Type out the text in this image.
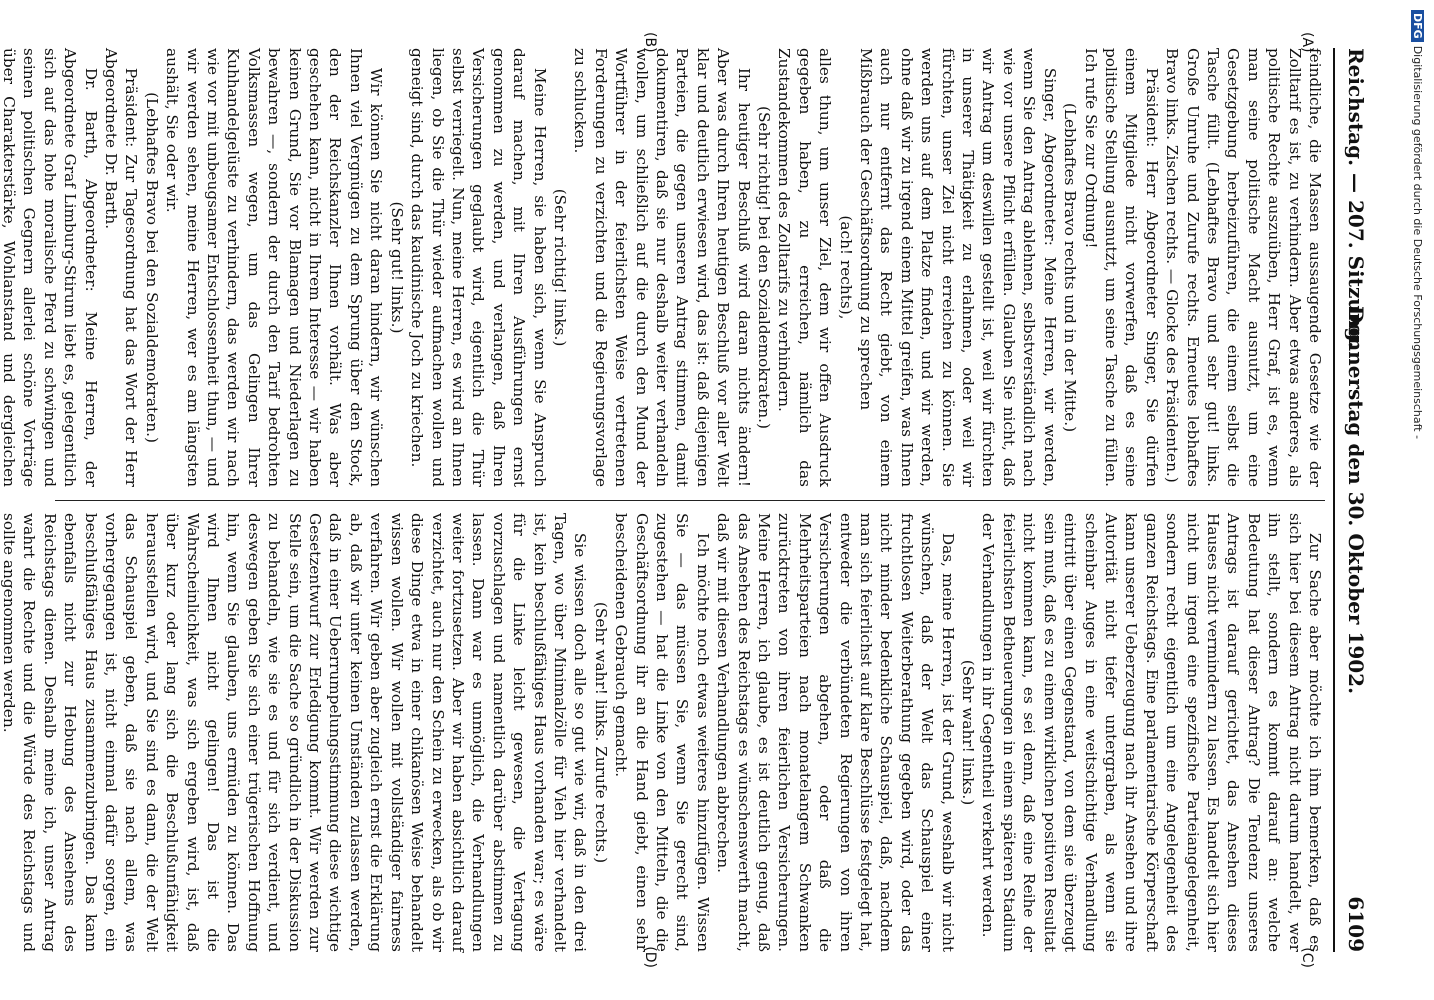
Reichstag. — 207. Sitzung.
Donnerstag den 30. Oktober 1902.
6109
(A)
(B)

feindliche, die Massen aussaugende Gesetze wie der Zolltarif es ist, zu verhindern. Aber etwas anderes, als politische Rechte auszuüben, Herr Graf, ist es, wenn man seine politische Macht ausnutzt, um eine Gesetzgebung herbeizuführen, die einem selbst die Tasche füllt. (Lebhaftes Bravo und sehr gut! links. Große Unruhe und Zurufe rechts. Erneutes lebhaftes Bravo links. Zischen rechts. — Glocke des Präsidenten.)

Präsident: Herr Abgeordneter Singer, Sie dürfen einem Mitgliede nicht vorwerfen, daß es seine politische Stellung ausnutzt, um seine Tasche zu füllen. Ich rufe Sie zur Ordnung!

(Lebhaftes Bravo rechts und in der Mitte.)

Singer, Abgeordneter: Meine Herren, wir werden, wenn Sie den Antrag ablehnen, selbstverständlich nach wie vor unsere Pflicht erfüllen. Glauben Sie nicht, daß wir Antrag um deswillen gestellt ist, weil wir fürchten in unserer Thätigkeit zu erlahmen, oder weil wir fürchten, unser Ziel nicht erreichen zu können. Sie werden uns auf dem Platze finden, und wir werden, ohne daß wir zu irgend einem Mittel greifen, was Ihnen auch nur entfernt das Recht giebt, von einem Mißbrauch der Geschäftsordnung zu sprechen

(ach! rechts),

alles thun, um unser Ziel, dem wir offen Ausdruck gegeben haben, zu erreichen, nämlich das Zustandekommen des Zolltarifs zu verhindern.

(Sehr richtig! bei den Sozialdemokraten.)

Ihr heutiger Beschluß wird daran nichts ändern! Aber was durch Ihren heutigen Beschluß vor aller Welt klar und deutlich erwiesen wird, das ist: daß diejenigen Parteien, die gegen unseren Antrag stimmen, damit dokumentiren, daß sie nur deshalb weiter verhandeln wollen, um schließlich auf die durch den Mund der Wortführer in der feierlichsten Weise vertretenen Forderungen zu verzichten und die Regierungsvorlage zu schlucken.

(Sehr richtig! links.)

Meine Herren, sie haben sich, wenn Sie Anspruch darauf machen, mit Ihren Ausführungen ernst genommen zu werden, und verlangen, daß Ihren Versicherungen geglaubt wird, eigentlich die Thür selbst verriegelt. Nun, meine Herren, es wird an Ihnen liegen, ob Sie die Thür wieder aufmachen wollen und geneigt sind, durch das kaudinische Joch zu kriechen.

(Sehr gut! links.)

Wir können Sie nicht daran hindern, wir wünschen Ihnen viel Vergnügen zu dem Sprung über den Stock, den der Reichskanzler Ihnen vorhält. Was aber geschehen kann, nicht in Ihrem Interesse — wir haben keinen Grund, Sie vor Blamagen und Niederlagen zu bewahren —, sondern der durch den Tarif bedrohten Volksmassen wegen, um das Gelingen Ihrer Kuhhandelgelüste zu verhindern, das werden wir nach wie vor mit unbeugsamer Entschlossenheit thun, — und wir werden sehen, meine Herren, wer es am längsten aushält, Sie oder wir.

(Lebhaftes Bravo bei den Sozialdemokraten.)

Präsident: Zur Tagesordnung hat das Wort der Herr Abgeordnete Dr. Barth.

Dr. Barth, Abgeordneter: Meine Herren, der Abgeordnete Graf Limburg-Stirum liebt es, gelegentlich sich auf das hohe moralische Pferd zu schwingen und seinen politischen Gegnern allerlei schöne Vorträge über Charakterstärke, Wohlanstand und dergleichen

(C)
(D)

Zur Sache aber möchte ich ihm bemerken, daß es sich hier bei diesem Antrag nicht darum handelt, wer ihn stellt, sondern es kommt darauf an: welche Bedeutung hat dieser Antrag? Die Tendenz unseres Antrags ist darauf gerichtet, das Ansehen dieses Hauses nicht vermindern zu lassen. Es handelt sich hier nicht um irgend eine spezifische Parteiangelegenheit, sondern recht eigentlich um eine Angelegenheit des ganzen Reichstags. Eine parlamentarische Körperschaft kann unserer Ueberzeugung nach ihr Ansehen und ihre Autorität nicht tiefer untergraben, als wenn sie scheinbar Auges in eine weitschichtige Verhandlung eintritt über einen Gegenstand, von dem sie überzeugt sein muß, daß es zu einem wirklichen positiven Resultat nicht kommen kann, es sei denn, daß eine Reihe der feierlichsten Betheuerungen in einem späteren Stadium der Verhandlungen in ihr Gegentheil verkehrt werden.

(Sehr wahr! links.)

Das, meine Herren, ist der Grund, weshalb wir nicht wünschen, daß der Welt das Schauspiel einer fruchtlosen Weiterberathung gegeben wird, oder das nicht minder bedenkliche Schauspiel, daß, nachdem man sich feierlichst auf klare Beschlüsse festgelegt hat, entweder die verbündeten Regierungen von ihren Versicherungen abgehen, oder daß die Mehrheitsparteien nach monatelangem Schwanken zurücktreten von ihren feierlichen Versicherungen. Meine Herren, ich glaube, es ist deutlich genug, daß das Ansehen des Reichstags es wünschenswerth macht, daß wir mit diesen Verhandlungen abbrechen.

Ich möchte noch etwas weiteres hinzufügen. Wissen Sie — das müssen Sie, wenn Sie gerecht sind, zugestehen — hat die Linke von den Mitteln, die die Geschäftsordnung ihr an die Hand giebt, einen sehr bescheidenen Gebrauch gemacht.

(Sehr wahr! links. Zurufe rechts.)

Sie wissen doch alle so gut wie wir, daß in den drei Tagen, wo über Minimalzölle für Vieh hier verhandelt ist, kein beschlußfähiges Haus vorhanden war; es wäre für die Linke leicht gewesen, die Vertagung vorzuschlagen und namentlich darüber abstimmen zu lassen. Dann war es unmöglich, die Verhandlungen weiter fortzusetzen. Aber wir haben absichtlich darauf verzichtet, auch nur den Schein zu erwecken, als ob wir diese Dinge etwa in einer chikanösen Weise behandelt wissen wollen. Wir wollen mit vollständiger fairness verfahren. Wir geben aber zugleich ernst die Erklärung ab, daß wir unter keinen Umständen zulassen werden, daß in einer Ueberrumpelungsstimmung diese wichtige Gesetzentwurf zur Erledigung kommt. Wir werden zur Stelle sein, um die Sache so gründlich in der Diskussion zu behandeln, wie sie es und für sich verdient, und deswegen geben Sie sich einer trügerischen Hoffnung hin, wenn Sie glauben, uns ermüden zu können. Das wird Ihnen nicht gelingen! Das ist die Wahrscheinlichkeit, was sich ergeben wird, ist, daß über kurz oder lang sich die Beschlußunfähigkeit herausstellen wird, und Sie sind es dann, die der Welt das Schauspiel geben, daß sie nach allem, was vorhergegangen ist, nicht einmal dafür sorgen, ein beschlußfähiges Haus zusammenzubringen. Das kann ebenfalls nicht zur Hebung des Ansehens des Reichstags dienen. Deshalb meine ich, unser Antrag wahrt die Rechte und die Würde des Reichstags und sollte angenommen werden.

DFGDigitalisierung gefördert durch die Deutsche Forschungsgemeinschaft -
